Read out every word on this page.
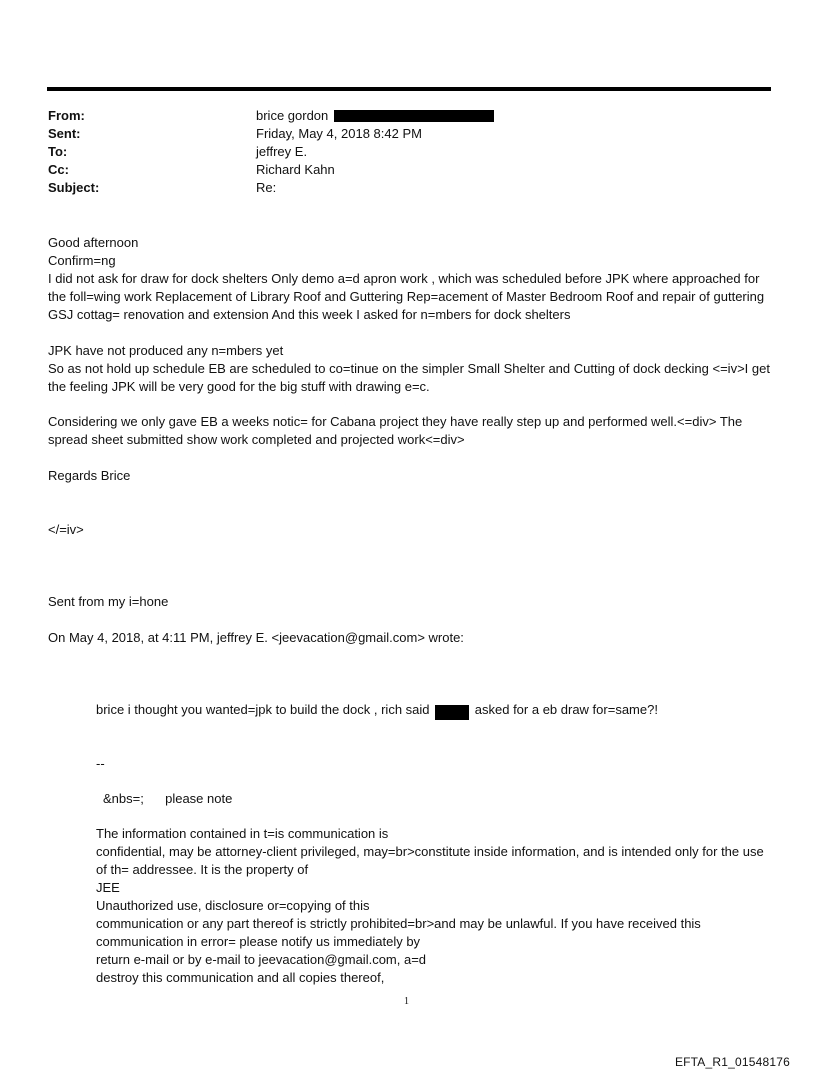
From:	brice gordon
Sent:	Friday, May 4, 2018 8:42 PM
To:	jeffrey E.
Cc:	Richard Kahn
Subject:	Re:

Good afternoon

Confirm=ng

I did not ask for draw for dock shelters Only demo a=d apron work , which was scheduled before JPK where approached for the foll=wing work Replacement of Library Roof and Guttering Rep=acement of Master Bedroom Roof and repair of guttering GSJ cottag= renovation and extension And this week I asked for n=mbers for dock shelters

JPK have not produced any n=mbers yet

So as not hold up schedule EB are scheduled to co=tinue on the simpler Small Shelter and Cutting of dock decking <=iv>I get the feeling JPK will be very good for the big stuff with drawing e=c.

Considering we only gave EB a weeks notic= for Cabana project they have really step up and performed well.<=div> The spread sheet submitted show work completed and projected work<=div>

Regards Brice

</=iv>

Sent from my i=hone

On May 4, 2018, at 4:11 PM, jeffrey E. <jeevacation@gmail.com> wrote:

brice i thought you wanted=jpk to build the dock , rich said	asked for a eb draw for=same?!
--
&nbs=; please note

The information contained in t=is communication is

confidential, may be attorney-client privileged, may=br>constitute inside information, and is intended only for the use of th= addressee. It is the property of

JEE

Unauthorized use, disclosure or=copying of this

communication or any part thereof is strictly prohibited=br>and may be unlawful. If you have received this communication in error= please notify us immediately by

return e-mail or by e-mail to jeevacation@gmail.com, a=d

destroy this communication and all copies thereof,

1
EFTA_R1_01548176
